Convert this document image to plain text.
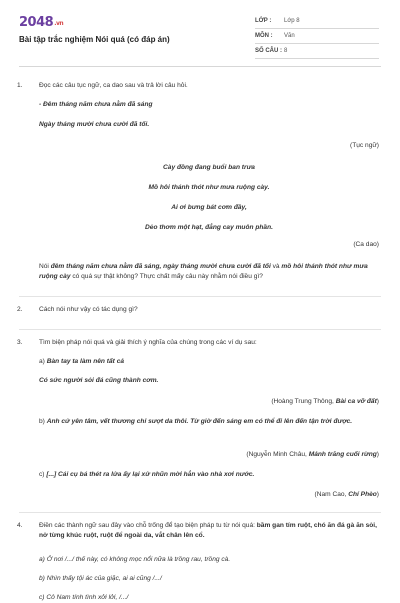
2048.vn
Bài tập trắc nghiệm Nói quá (có đáp án)
LỚP :	Lớp 8
MÔN :	Văn
SỐ CÂU : 8
1.	Đọc các câu tục ngữ, ca dao sau và trả lời câu hỏi.
- Đêm tháng năm chưa nằm đã sáng
Ngày tháng mười chưa cười đã tối.
(Tục ngữ)
Cày đồng đang buổi ban trưa
Mồ hôi thánh thót như mưa ruộng cày.
Ai ơi bưng bát cơm đầy,
Dẻo thơm một hạt, đắng cay muôn phần.
(Ca dao)
Nói đêm tháng năm chưa nằm đã sáng, ngày tháng mười chưa cười đã tối và mồ hôi thánh thót như mưa ruộng cày có quá sự thật không? Thực chất mấy câu này nhằm nói điều gì?
2.	Cách nói như vậy có tác dụng gì?
3.	Tìm biện pháp nói quá và giải thích ý nghĩa của chúng trong các ví dụ sau:
a) Bàn tay ta làm nên tất cả
Có sức người sỏi đá cũng thành cơm.
(Hoàng Trung Thông, Bài ca vỡ đất)
b) Anh cứ yên tâm, vết thương chỉ sượt da thôi. Từ giờ đến sáng em có thể đi lên đến tận trời được.
(Nguyễn Minh Châu, Mảnh trăng cuối rừng)
c) [...] Cái cụ bá thét ra lửa ấy lại xử nhũn mời hắn vào nhà xơi nước.
(Nam Cao, Chí Phèo)
4.	Điền các thành ngữ sau đây vào chỗ trống để tạo biện pháp tu từ nói quá: bầm gan tím ruột, chó ăn đá gà ăn sỏi, nở từng khúc ruột, ruột để ngoài da, vắt chân lên cổ.
a) Ở nơi /.../ thế này, có không mọc nổi nữa là trồng rau, trồng cà.
b) Nhìn thấy tội ác của giặc, ai ai cũng /.../
c) Cô Nam tính tình xởi lởi, /.../
